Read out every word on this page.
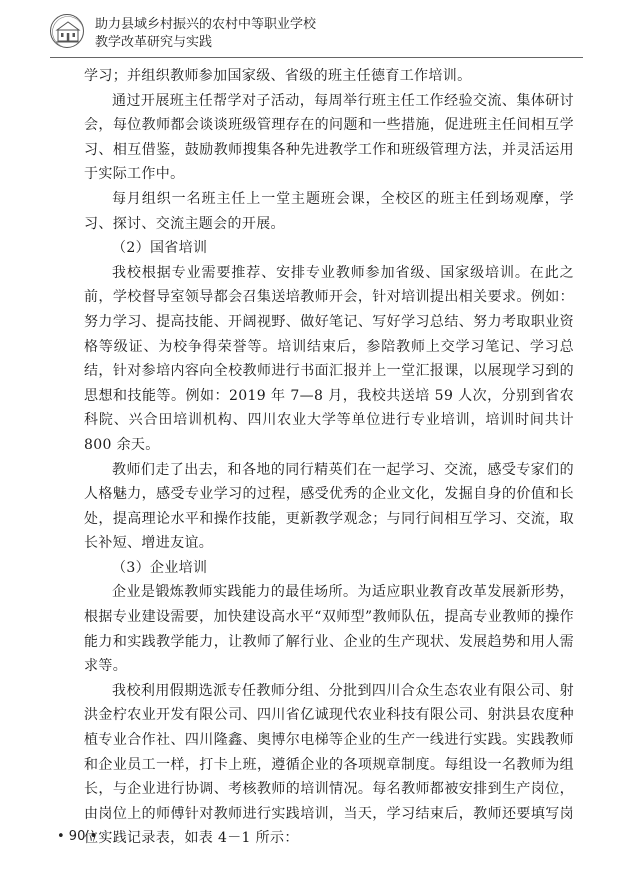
助力县域乡村振兴的农村中等职业学校
教学改革研究与实践

学习；并组织教师参加国家级、省级的班主任德育工作培训。

通过开展班主任帮学对子活动，每周举行班主任工作经验交流、集体研讨会，每位教师都会谈谈班级管理存在的问题和一些措施，促进班主任间相互学习、相互借鉴，鼓励教师搜集各种先进教学工作和班级管理方法，并灵活运用于实际工作中。

每月组织一名班主任上一堂主题班会课，全校区的班主任到场观摩，学习、探讨、交流主题会的开展。

（2）国省培训

我校根据专业需要推荐、安排专业教师参加省级、国家级培训。在此之前，学校督导室领导都会召集送培教师开会，针对培训提出相关要求。例如：努力学习、提高技能、开阔视野、做好笔记、写好学习总结、努力考取职业资格等级证、为校争得荣誉等。培训结束后，参陪教师上交学习笔记、学习总结，针对参培内容向全校教师进行书面汇报并上一堂汇报课，以展现学习到的思想和技能等。例如：2019 年 7—8 月，我校共送培 59 人次，分别到省农科院、兴合田培训机构、四川农业大学等单位进行专业培训，培训时间共计 800 余天。

教师们走了出去，和各地的同行精英们在一起学习、交流，感受专家们的人格魅力，感受专业学习的过程，感受优秀的企业文化，发掘自身的价值和长处，提高理论水平和操作技能，更新教学观念；与同行间相互学习、交流，取长补短、增进友谊。

（3）企业培训

企业是锻炼教师实践能力的最佳场所。为适应职业教育改革发展新形势，根据专业建设需要，加快建设高水平“双师型”教师队伍，提高专业教师的操作能力和实践教学能力，让教师了解行业、企业的生产现状、发展趋势和用人需求等。

我校利用假期选派专任教师分组、分批到四川合众生态农业有限公司、射洪金柠农业开发有限公司、四川省亿诚现代农业科技有限公司、射洪县农度种植专业合作社、四川隆鑫、奥博尔电梯等企业的生产一线进行实践。实践教师和企业员工一样，打卡上班，遵循企业的各项规章制度。每组设一名教师为组长，与企业进行协调、考核教师的培训情况。每名教师都被安排到生产岗位，由岗位上的师傅针对教师进行实践培训，当天，学习结束后，教师还要填写岗位实践记录表，如表 4－1 所示：

• 90 •
